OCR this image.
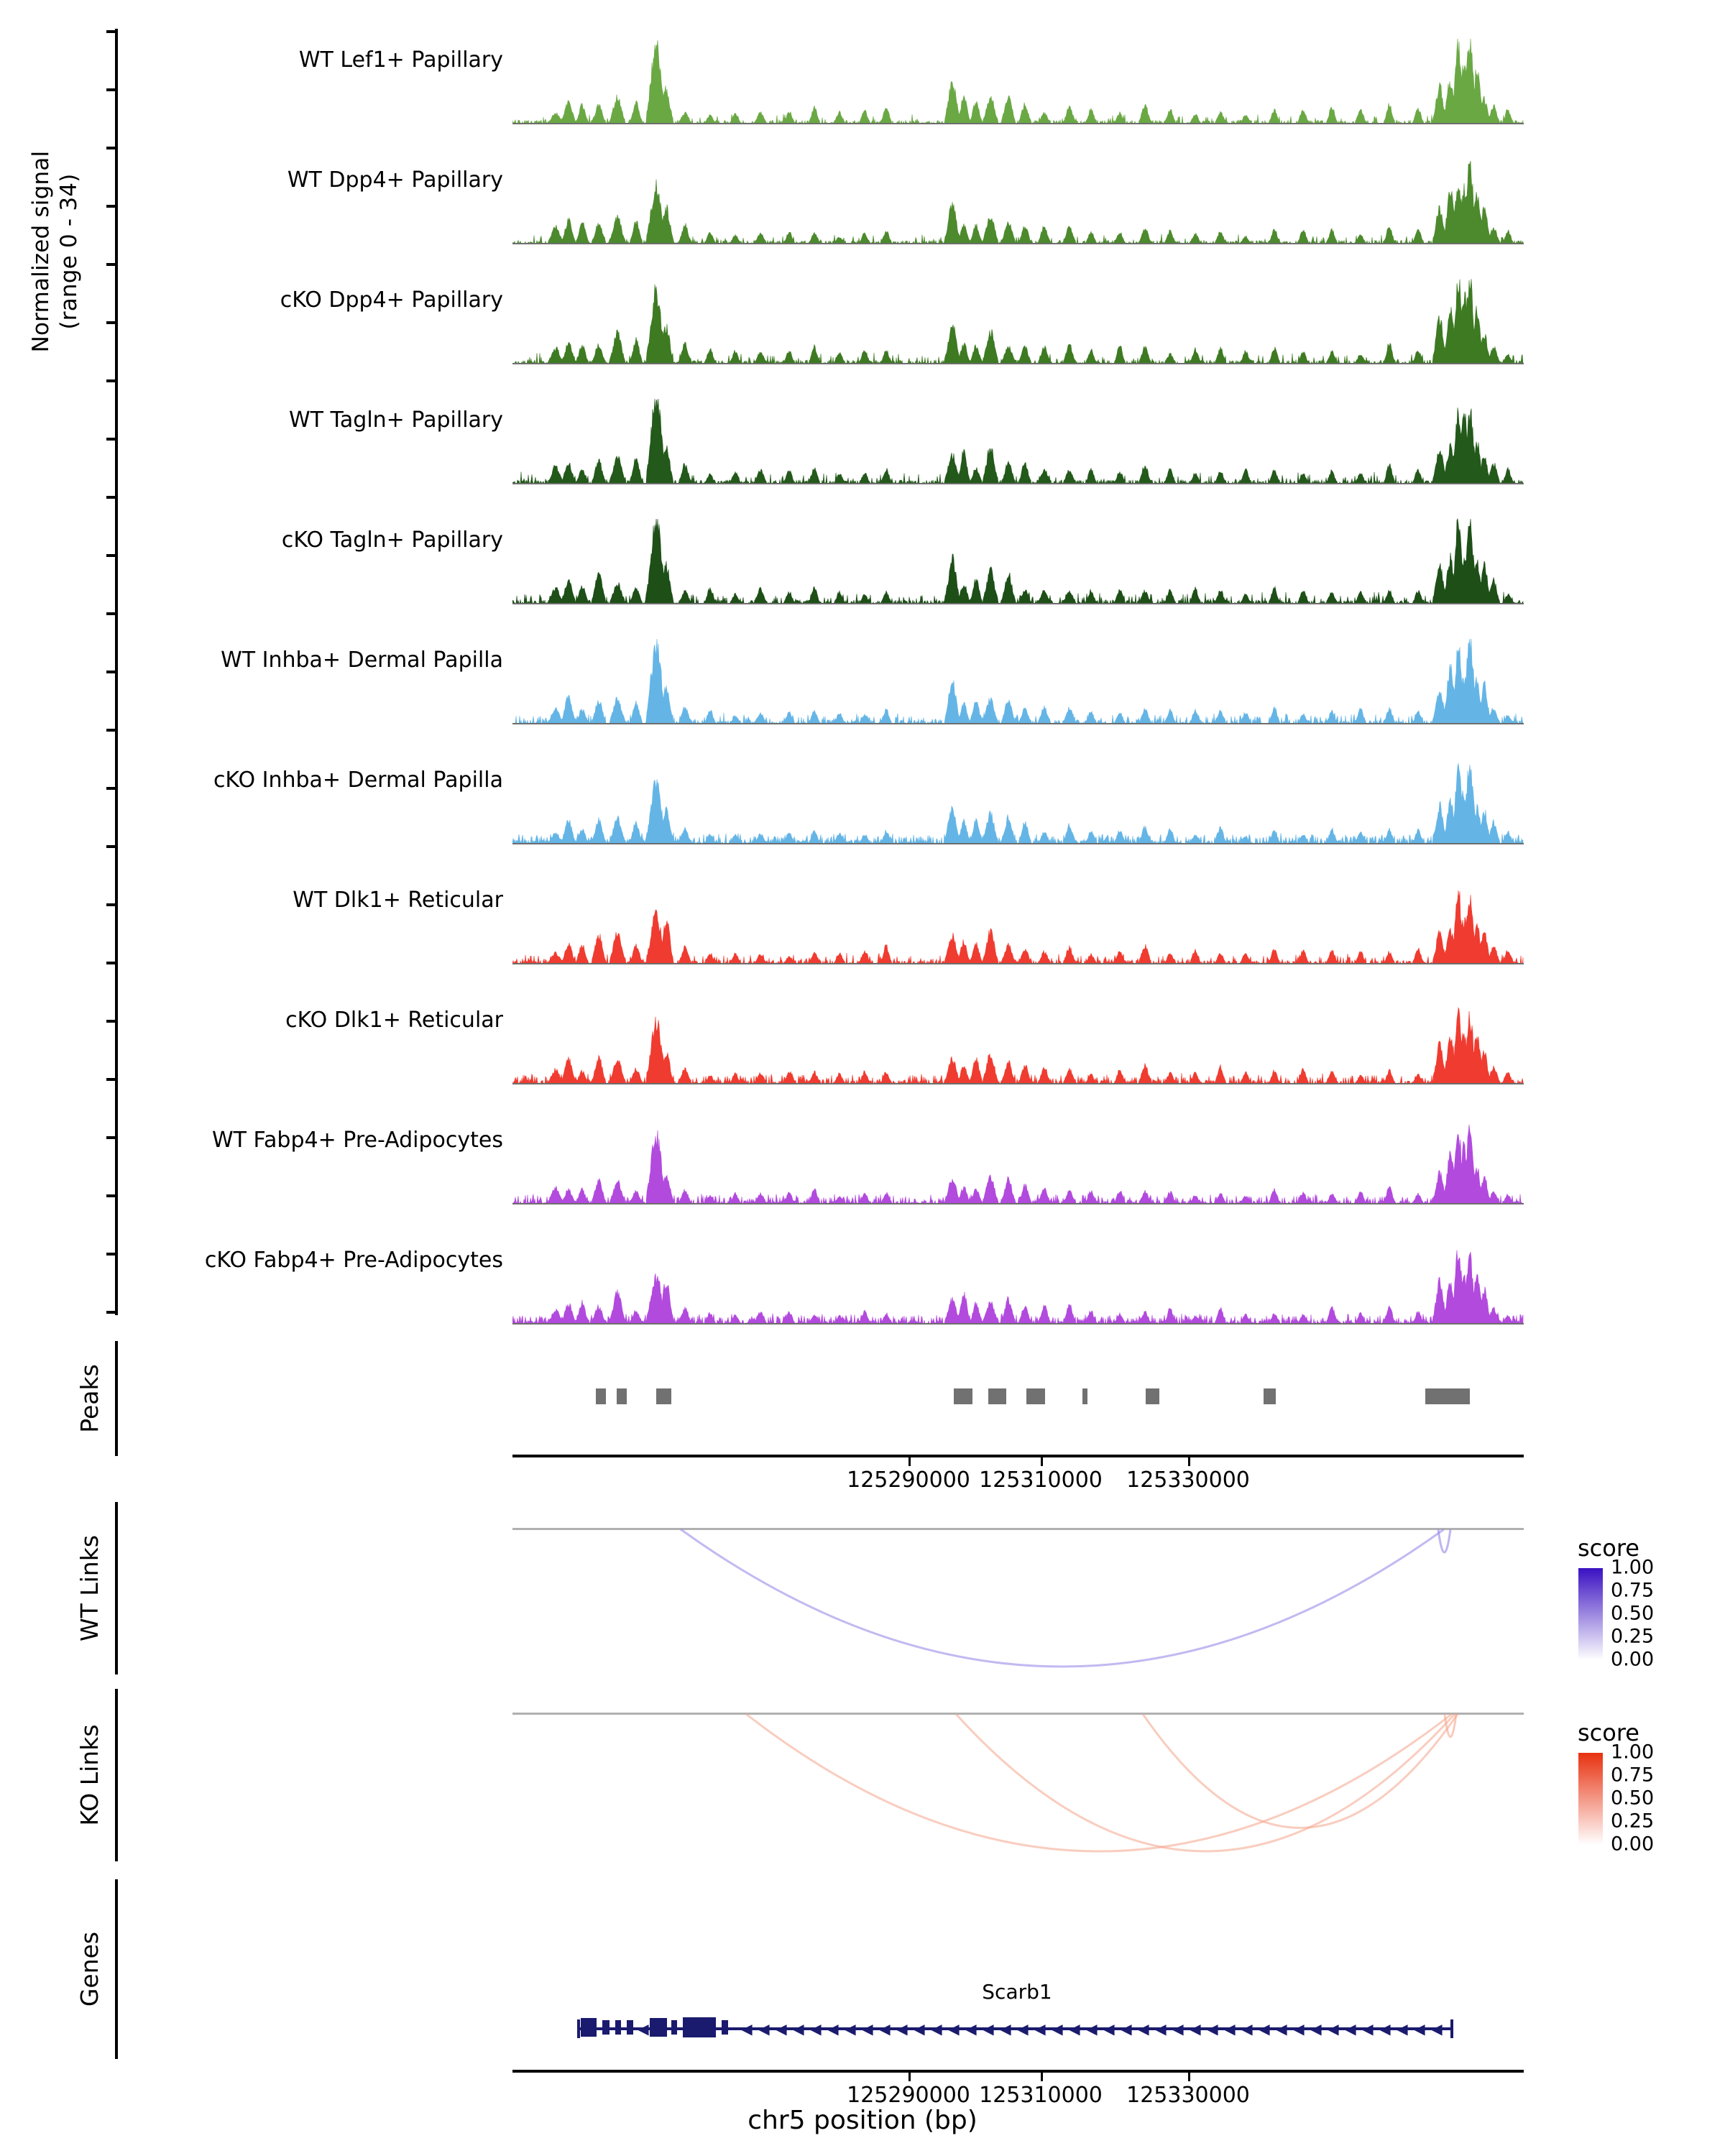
Normalized signal (range 0 - 34)
WT Lef1+ Papillary
WT Dpp4+ Papillary
cKO Dpp4+ Papillary
WT Tagln+ Papillary
cKO Tagln+ Papillary
WT Inhba+ Dermal Papilla
cKO Inhba+ Dermal Papilla
WT Dlk1+ Reticular
cKO Dlk1+ Reticular
WT Fabp4+ Pre-Adipocytes
cKO Fabp4+ Pre-Adipocytes
Peaks
125290000 125310000 125330000
WT Links	score
1.00
0.75
0.50
0.25
0.00
KO Links	score
1.00
0.75
0.50
0.25
0.00
Genes	Scarb1
◀	◀ ◀ ◀ ◀ ◀ ◀ ◀ ◀ ◀ ◀ ◀ ◀ ◀ ◀ ◀ ◀ ◀ ◀ ◀ ◀ ◀ ◀ ◀ ◀ ◀ ◀ ◀ ◀ ◀ ◀ ◀ ◀ ◀ ◀ ◀ ◀ ◀ ◀ ◀ ◀ ◀
125290000 125310000 125330000
chr5 position (bp)
